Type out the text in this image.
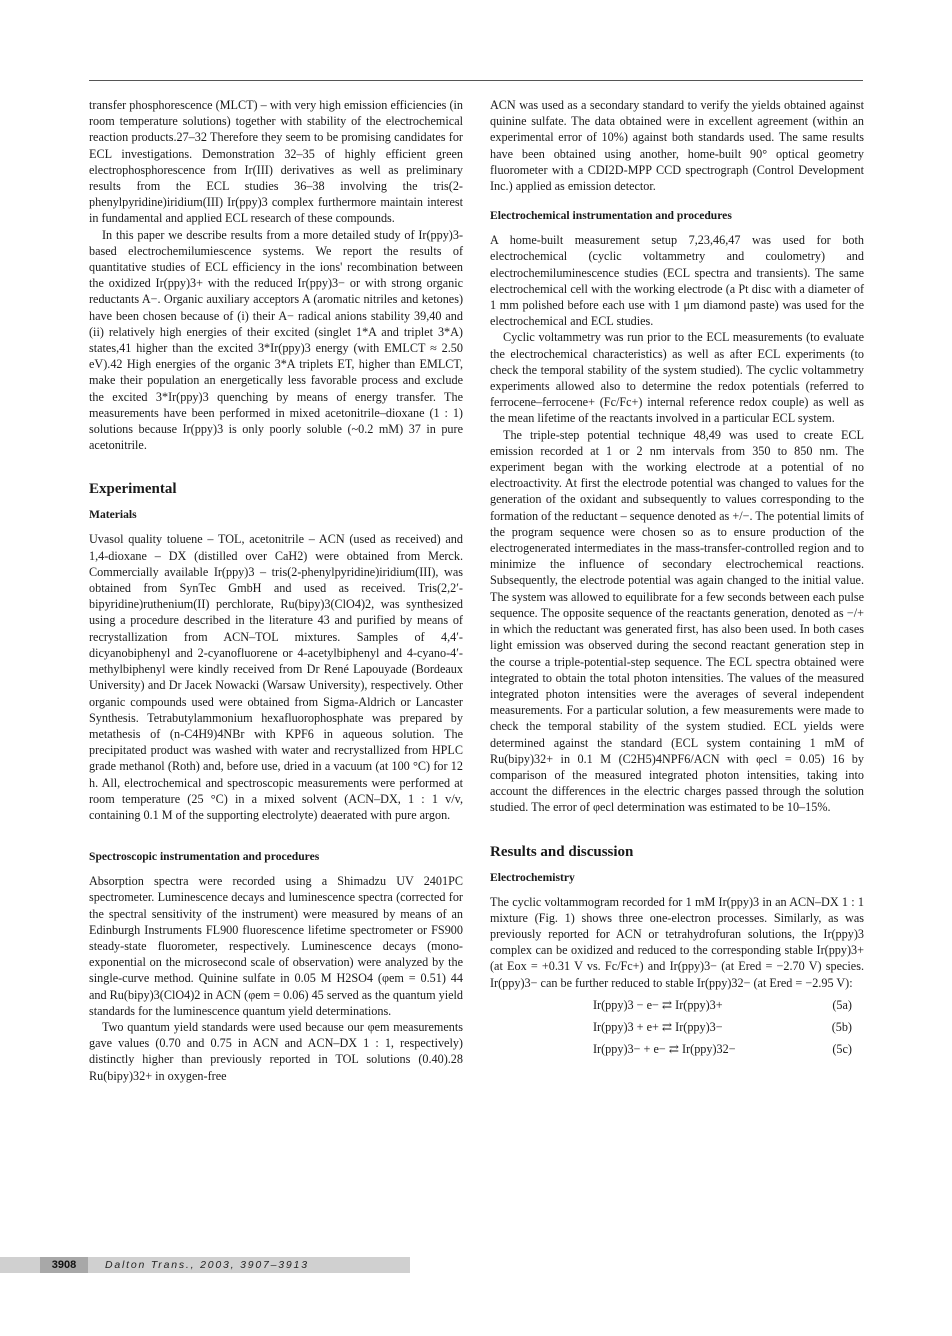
transfer phosphorescence (MLCT) – with very high emission efficiencies (in room temperature solutions) together with stability of the electrochemical reaction products.27–32 Therefore they seem to be promising candidates for ECL investigations. Demonstration 32–35 of highly efficient green electrophosphorescence from Ir(III) derivatives as well as preliminary results from the ECL studies 36–38 involving the tris(2-phenylpyridine)iridium(III) Ir(ppy)3 complex furthermore maintain interest in fundamental and applied ECL research of these compounds.

In this paper we describe results from a more detailed study of Ir(ppy)3-based electrochemilumiescence systems. We report the results of quantitative studies of ECL efficiency in the ions' recombination between the oxidized Ir(ppy)3+ with the reduced Ir(ppy)3− or with strong organic reductants A−. Organic auxiliary acceptors A (aromatic nitriles and ketones) have been chosen because of (i) their A− radical anions stability 39,40 and (ii) relatively high energies of their excited (singlet 1*A and triplet 3*A) states,41 higher than the excited 3*Ir(ppy)3 energy (with EMLCT ≈ 2.50 eV).42 High energies of the organic 3*A triplets ET, higher than EMLCT, make their population an energetically less favorable process and exclude the excited 3*Ir(ppy)3 quenching by means of energy transfer. The measurements have been performed in mixed acetonitrile–dioxane (1 : 1) solutions because Ir(ppy)3 is only poorly soluble (~0.2 mM) 37 in pure acetonitrile.

Experimental
Materials

Uvasol quality toluene – TOL, acetonitrile – ACN (used as received) and 1,4-dioxane – DX (distilled over CaH2) were obtained from Merck. Commercially available Ir(ppy)3 – tris(2-phenylpyridine)iridium(III), was obtained from SynTec GmbH and used as received. Tris(2,2′-bipyridine)ruthenium(II) perchlorate, Ru(bipy)3(ClO4)2, was synthesized using a procedure described in the literature 43 and purified by means of recrystallization from ACN–TOL mixtures. Samples of 4,4′-dicyanobiphenyl and 2-cyanofluorene or 4-acetylbiphenyl and 4-cyano-4′-methylbiphenyl were kindly received from Dr René Lapouyade (Bordeaux University) and Dr Jacek Nowacki (Warsaw University), respectively. Other organic compounds used were obtained from Sigma-Aldrich or Lancaster Synthesis. Tetrabutylammonium hexafluorophosphate was prepared by metathesis of (n-C4H9)4NBr with KPF6 in aqueous solution. The precipitated product was washed with water and recrystallized from HPLC grade methanol (Roth) and, before use, dried in a vacuum (at 100 °C) for 12 h. All, electrochemical and spectroscopic measurements were performed at room temperature (25 °C) in a mixed solvent (ACN–DX, 1 : 1 v/v, containing 0.1 M of the supporting electrolyte) deaerated with pure argon.

Spectroscopic instrumentation and procedures

Absorption spectra were recorded using a Shimadzu UV 2401PC spectrometer. Luminescence decays and luminescence spectra (corrected for the spectral sensitivity of the instrument) were measured by means of an Edinburgh Instruments FL900 fluorescence lifetime spectrometer or FS900 steady-state fluorometer, respectively. Luminescence decays (mono-exponential on the microsecond scale of observation) were analyzed by the single-curve method. Quinine sulfate in 0.05 M H2SO4 (φem = 0.51) 44 and Ru(bipy)3(ClO4)2 in ACN (φem = 0.06) 45 served as the quantum yield standards for the luminescence quantum yield determinations.

Two quantum yield standards were used because our φem measurements gave values (0.70 and 0.75 in ACN and ACN–DX 1 : 1, respectively) distinctly higher than previously reported in TOL solutions (0.40).28 Ru(bipy)32+ in oxygen-free

ACN was used as a secondary standard to verify the yields obtained against quinine sulfate. The data obtained were in excellent agreement (within an experimental error of 10%) against both standards used. The same results have been obtained using another, home-built 90° optical geometry fluorometer with a CDI2D-MPP CCD spectrograph (Control Development Inc.) applied as emission detector.

Electrochemical instrumentation and procedures

A home-built measurement setup 7,23,46,47 was used for both electrochemical (cyclic voltammetry and coulometry) and electrochemiluminescence studies (ECL spectra and transients). The same electrochemical cell with the working electrode (a Pt disc with a diameter of 1 mm polished before each use with 1 μm diamond paste) was used for the electrochemical and ECL studies.

Cyclic voltammetry was run prior to the ECL measurements (to evaluate the electrochemical characteristics) as well as after ECL experiments (to check the temporal stability of the system studied). The cyclic voltammetry experiments allowed also to determine the redox potentials (referred to ferrocene–ferrocene+ (Fc/Fc+) internal reference redox couple) as well as the mean lifetime of the reactants involved in a particular ECL system.

The triple-step potential technique 48,49 was used to create ECL emission recorded at 1 or 2 nm intervals from 350 to 850 nm. The experiment began with the working electrode at a potential of no electroactivity. At first the electrode potential was changed to values for the generation of the oxidant and subsequently to values corresponding to the formation of the reductant – sequence denoted as +/−. The potential limits of the program sequence were chosen so as to ensure production of the electrogenerated intermediates in the mass-transfer-controlled region and to minimize the influence of secondary electrochemical reactions. Subsequently, the electrode potential was again changed to the initial value. The system was allowed to equilibrate for a few seconds between each pulse sequence. The opposite sequence of the reactants generation, denoted as −/+ in which the reductant was generated first, has also been used. In both cases light emission was observed during the second reactant generation step in the course a triple-potential-step sequence. The ECL spectra obtained were integrated to obtain the total photon intensities. The values of the measured integrated photon intensities were the averages of several independent measurements. For a particular solution, a few measurements were made to check the temporal stability of the system studied. ECL yields were determined against the standard (ECL system containing 1 mM of Ru(bipy)32+ in 0.1 M (C2H5)4NPF6/ACN with φecl = 0.05) 16 by comparison of the measured integrated photon intensities, taking into account the differences in the electric charges passed through the solution studied. The error of φecl determination was estimated to be 10–15%.

Results and discussion
Electrochemistry

The cyclic voltammogram recorded for 1 mM Ir(ppy)3 in an ACN–DX 1 : 1 mixture (Fig. 1) shows three one-electron processes. Similarly, as was previously reported for ACN or tetrahydrofuran solutions, the Ir(ppy)3 complex can be oxidized and reduced to the corresponding stable Ir(ppy)3+ (at Eox = +0.31 V vs. Fc/Fc+) and Ir(ppy)3− (at Ered = −2.70 V) species. Ir(ppy)3− can be further reduced to stable Ir(ppy)32− (at Ered = −2.95 V):

Ir(ppy)3 − e− ⇄ Ir(ppy)3+	(5a)
Ir(ppy)3 + e+ ⇄ Ir(ppy)3−	(5b)
Ir(ppy)3− + e− ⇄ Ir(ppy)32−	(5c)
3908	Dalton Trans., 2003, 3907–3913
